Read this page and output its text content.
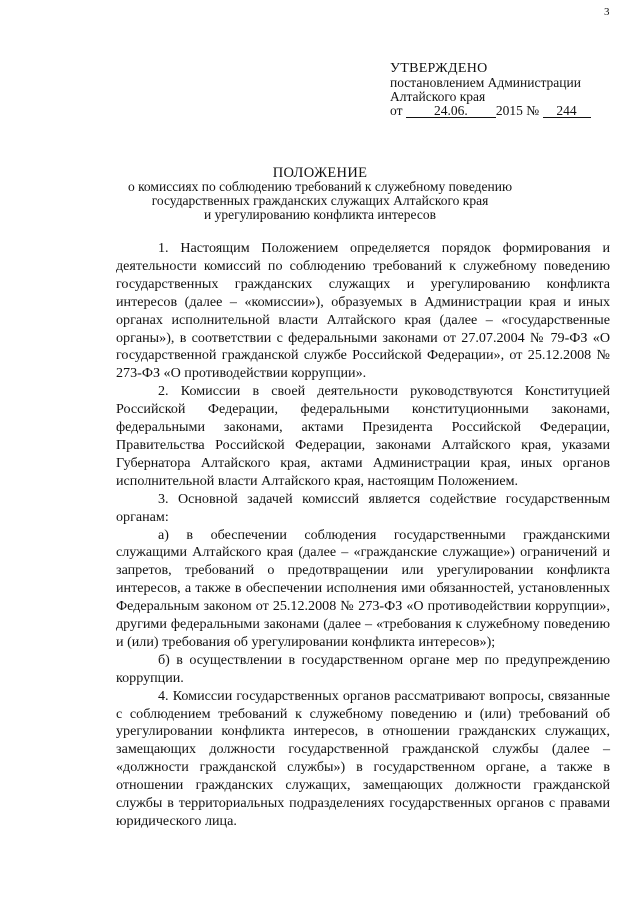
3
УТВЕРЖДЕНО
постановлением Администрации
Алтайского края
от 24.06. 2015 № 244
ПОЛОЖЕНИЕ
о комиссиях по соблюдению требований к служебному поведению
государственных гражданских служащих Алтайского края
и урегулированию конфликта интересов

1. Настоящим Положением определяется порядок формирования и деятельности комиссий по соблюдению требований к служебному поведению государственных гражданских служащих и урегулированию конфликта интересов (далее – «комиссии»), образуемых в Администрации края и иных органах исполнительной власти Алтайского края (далее – «государственные органы»), в соответствии с федеральными законами от 27.07.2004 № 79-ФЗ «О государственной гражданской службе Российской Федерации», от 25.12.2008 № 273-ФЗ «О противодействии коррупции».

2. Комиссии в своей деятельности руководствуются Конституцией Российской Федерации, федеральными конституционными законами, федеральными законами, актами Президента Российской Федерации, Правительства Российской Федерации, законами Алтайского края, указами Губернатора Алтайского края, актами Администрации края, иных органов исполнительной власти Алтайского края, настоящим Положением.

3. Основной задачей комиссий является содействие государственным органам:

а) в обеспечении соблюдения государственными гражданскими служащими Алтайского края (далее – «гражданские служащие») ограничений и запретов, требований о предотвращении или урегулировании конфликта интересов, а также в обеспечении исполнения ими обязанностей, установленных Федеральным законом от 25.12.2008 № 273-ФЗ «О противодействии коррупции», другими федеральными законами (далее – «требования к служебному поведению и (или) требования об урегулировании конфликта интересов»);

б) в осуществлении в государственном органе мер по предупреждению коррупции.

4. Комиссии государственных органов рассматривают вопросы, связанные с соблюдением требований к служебному поведению и (или) требований об урегулировании конфликта интересов, в отношении гражданских служащих, замещающих должности государственной гражданской службы (далее – «должности гражданской службы») в государственном органе, а также в отношении гражданских служащих, замещающих должности гражданской службы в территориальных подразделениях государственных органов с правами юридического лица.
